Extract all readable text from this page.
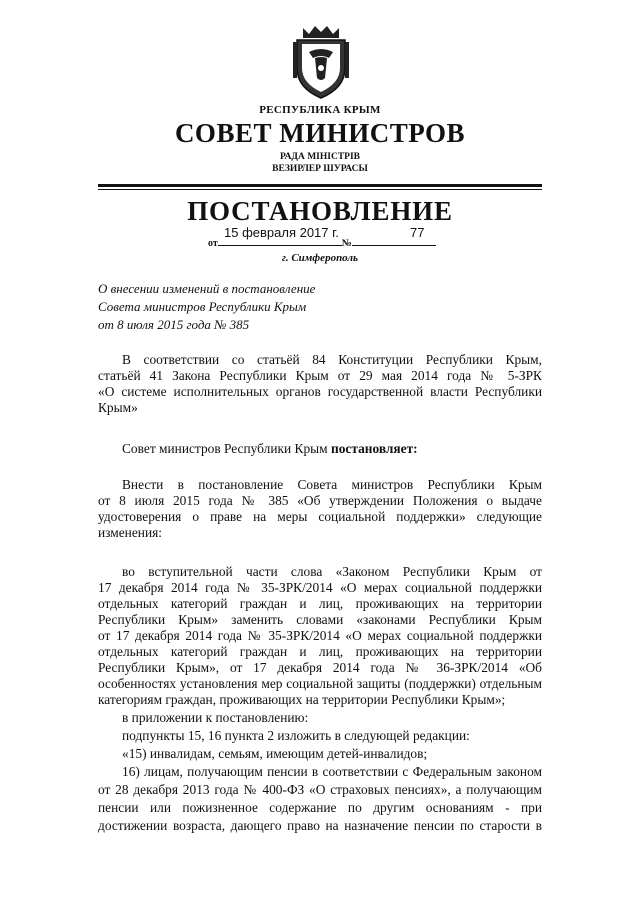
РЕСПУБЛИКА КРЫМ
СОВЕТ МИНИСТРОВ
РАДА МІНІСТРІВ
ВЕЗИРЛЕР ШУРАСЫ
ПОСТАНОВЛЕНИЕ
15 февраля 2017 г.	77
от	№
г. Симферополь
О внесении изменений в постановление
Совета министров Республики Крым
от 8 июля 2015 года № 385
В соответствии со статьёй 84 Конституции Республики Крым,
статьёй 41 Закона Республики Крым от 29 мая 2014 года № 5-ЗРК
«О системе исполнительных органов государственной власти Республики
Крым»
Совет министров Республики Крым постановляет:
Внести в постановление Совета министров Республики Крым
от 8 июля 2015 года № 385 «Об утверждении Положения о выдаче
удостоверения о праве на меры социальной поддержки» следующие
изменения:
во вступительной части слова «Законом Республики Крым от
17 декабря 2014 года № 35-ЗРК/2014 «О мерах социальной поддержки
отдельных категорий граждан и лиц, проживающих на территории
Республики Крым» заменить словами «законами Республики Крым
от 17 декабря 2014 года № 35-ЗРК/2014 «О мерах социальной поддержки
отдельных категорий граждан и лиц, проживающих на территории
Республики Крым», от 17 декабря 2014 года № 36-ЗРК/2014 «Об
особенностях установления мер социальной защиты (поддержки) отдельным
категориям граждан, проживающих на территории Республики Крым»;
в приложении к постановлению:
подпункты 15, 16 пункта 2 изложить в следующей редакции:
«15) инвалидам, семьям, имеющим детей-инвалидов;
16) лицам, получающим пенсии в соответствии с Федеральным законом
от 28 декабря 2013 года № 400-ФЗ «О страховых пенсиях», а получающим
пенсии или пожизненное содержание по другим основаниям - при
достижении возраста, дающего право на назначение пенсии по старости в
